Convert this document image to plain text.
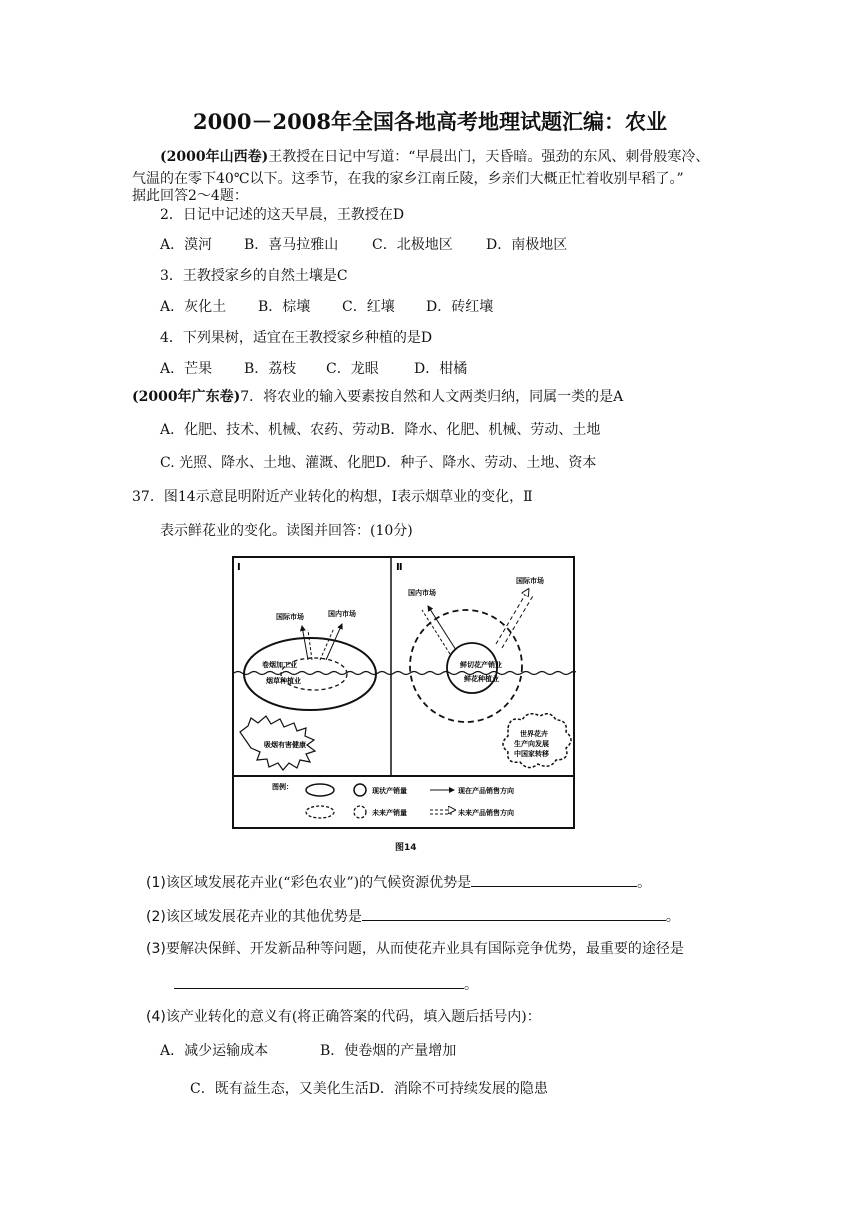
2000－2008年全国各地高考地理试题汇编：农业
(2000年山西卷)王教授在日记中写道：“早晨出门，天昏暗。强劲的东风、刺骨般寒冷、
气温的在零下40℃以下。这季节，在我的家乡江南丘陵，乡亲们大概正忙着收别早稻了。”
据此回答2～4题：
2．日记中记述的这天早晨，王教授在D
A．漠河 B．喜马拉雅山 C．北极地区 D．南极地区
3．王教授家乡的自然土壤是C
A．灰化土 B．棕壤 C．红壤 D．砖红壤
4．下列果树，适宜在王教授家乡种植的是D
A．芒果 B．荔枝 C．龙眼	D．柑橘
(2000年广东卷)7．将农业的输入要素按自然和人文两类归纳，同属一类的是A
A．化肥、技术、机械、农药、劳动B．降水、化肥、机械、劳动、土地
C. 光照、降水、土地、灌溉、化肥D．种子、降水、劳动、土地、资本
37．图14示意昆明附近产业转化的构想，I表示烟草业的变化，Ⅱ
表示鲜花业的变化。读图并回答：(10分)
Ⅰ	Ⅱ
国际市场	国内市场
卷烟加工业
烟草种植业
吸烟有害健康
国内市场
国际市场
鲜切花产销业
鲜花种植业
世界花卉
生产向发展
中国家转移
图例：	现状产销量	现在产品销售方向
未来产销量	未来产品销售方向
图14
(1)该区域发展花卉业(“彩色农业”)的气候资源优势是	。
(2)该区域发展花卉业的其他优势是	。
(3)要解决保鲜、开发新品种等问题，从而使花卉业具有国际竞争优势，最重要的途径是
。
(4)该产业转化的意义有(将正确答案的代码，填入题后括号内)：
A．减少运输成本	B．使卷烟的产量增加
C．既有益生态，又美化生活D．消除不可持续发展的隐患
